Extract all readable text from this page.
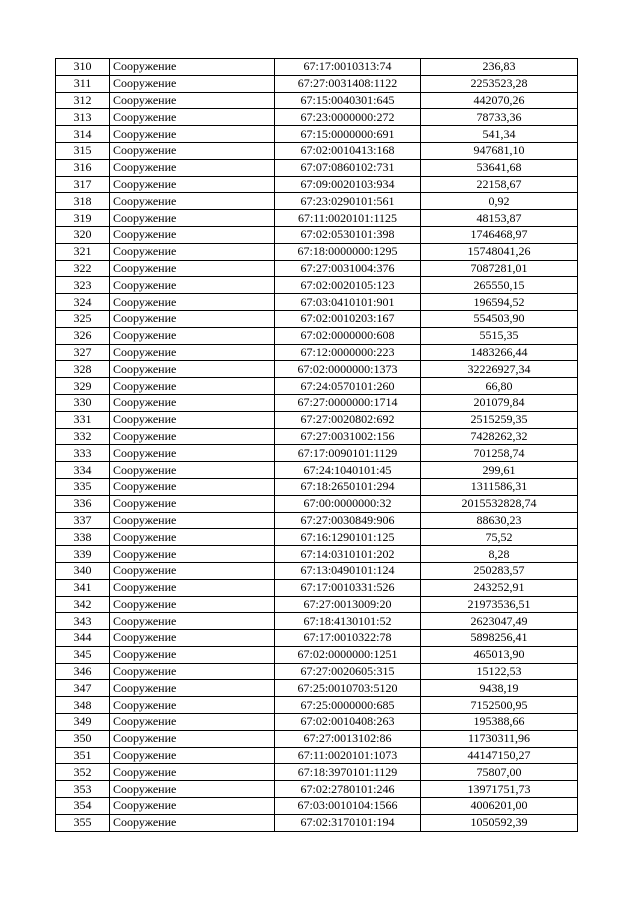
310	Сооружение	67:17:0010313:74	236,83
311	Сооружение	67:27:0031408:1122	2253523,28
312	Сооружение	67:15:0040301:645	442070,26
313	Сооружение	67:23:0000000:272	78733,36
314	Сооружение	67:15:0000000:691	541,34
315	Сооружение	67:02:0010413:168	947681,10
316	Сооружение	67:07:0860102:731	53641,68
317	Сооружение	67:09:0020103:934	22158,67
318	Сооружение	67:23:0290101:561	0,92
319	Сооружение	67:11:0020101:1125	48153,87
320	Сооружение	67:02:0530101:398	1746468,97
321	Сооружение	67:18:0000000:1295	15748041,26
322	Сооружение	67:27:0031004:376	7087281,01
323	Сооружение	67:02:0020105:123	265550,15
324	Сооружение	67:03:0410101:901	196594,52
325	Сооружение	67:02:0010203:167	554503,90
326	Сооружение	67:02:0000000:608	5515,35
327	Сооружение	67:12:0000000:223	1483266,44
328	Сооружение	67:02:0000000:1373	32226927,34
329	Сооружение	67:24:0570101:260	66,80
330	Сооружение	67:27:0000000:1714	201079,84
331	Сооружение	67:27:0020802:692	2515259,35
332	Сооружение	67:27:0031002:156	7428262,32
333	Сооружение	67:17:0090101:1129	701258,74
334	Сооружение	67:24:1040101:45	299,61
335	Сооружение	67:18:2650101:294	1311586,31
336	Сооружение	67:00:0000000:32	2015532828,74
337	Сооружение	67:27:0030849:906	88630,23
338	Сооружение	67:16:1290101:125	75,52
339	Сооружение	67:14:0310101:202	8,28
340	Сооружение	67:13:0490101:124	250283,57
341	Сооружение	67:17:0010331:526	243252,91
342	Сооружение	67:27:0013009:20	21973536,51
343	Сооружение	67:18:4130101:52	2623047,49
344	Сооружение	67:17:0010322:78	5898256,41
345	Сооружение	67:02:0000000:1251	465013,90
346	Сооружение	67:27:0020605:315	15122,53
347	Сооружение	67:25:0010703:5120	9438,19
348	Сооружение	67:25:0000000:685	7152500,95
349	Сооружение	67:02:0010408:263	195388,66
350	Сооружение	67:27:0013102:86	11730311,96
351	Сооружение	67:11:0020101:1073	44147150,27
352	Сооружение	67:18:3970101:1129	75807,00
353	Сооружение	67:02:2780101:246	13971751,73
354	Сооружение	67:03:0010104:1566	4006201,00
355	Сооружение	67:02:3170101:194	1050592,39
